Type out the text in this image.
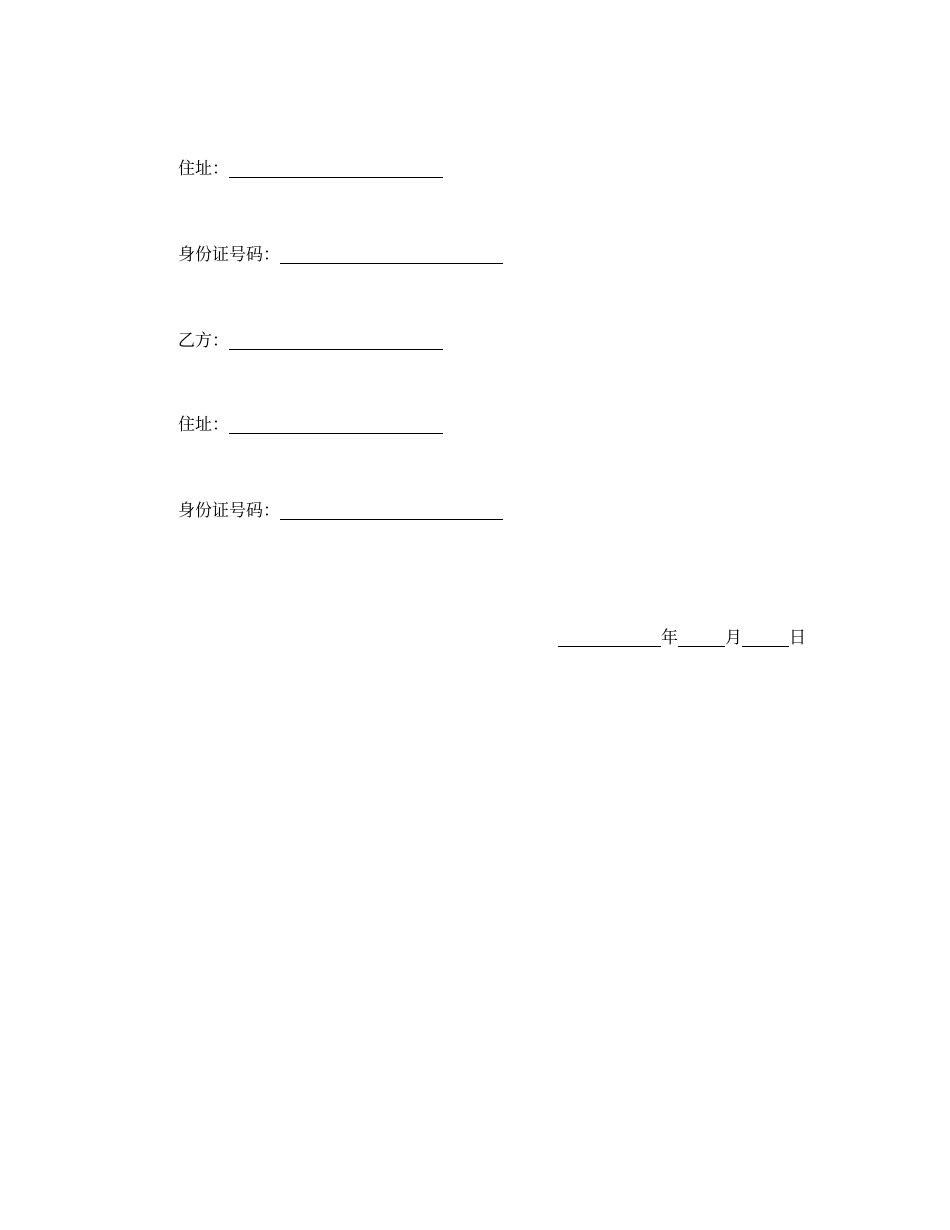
住址：
身份证号码：
乙方：
住址：
身份证号码：
年	月	日
